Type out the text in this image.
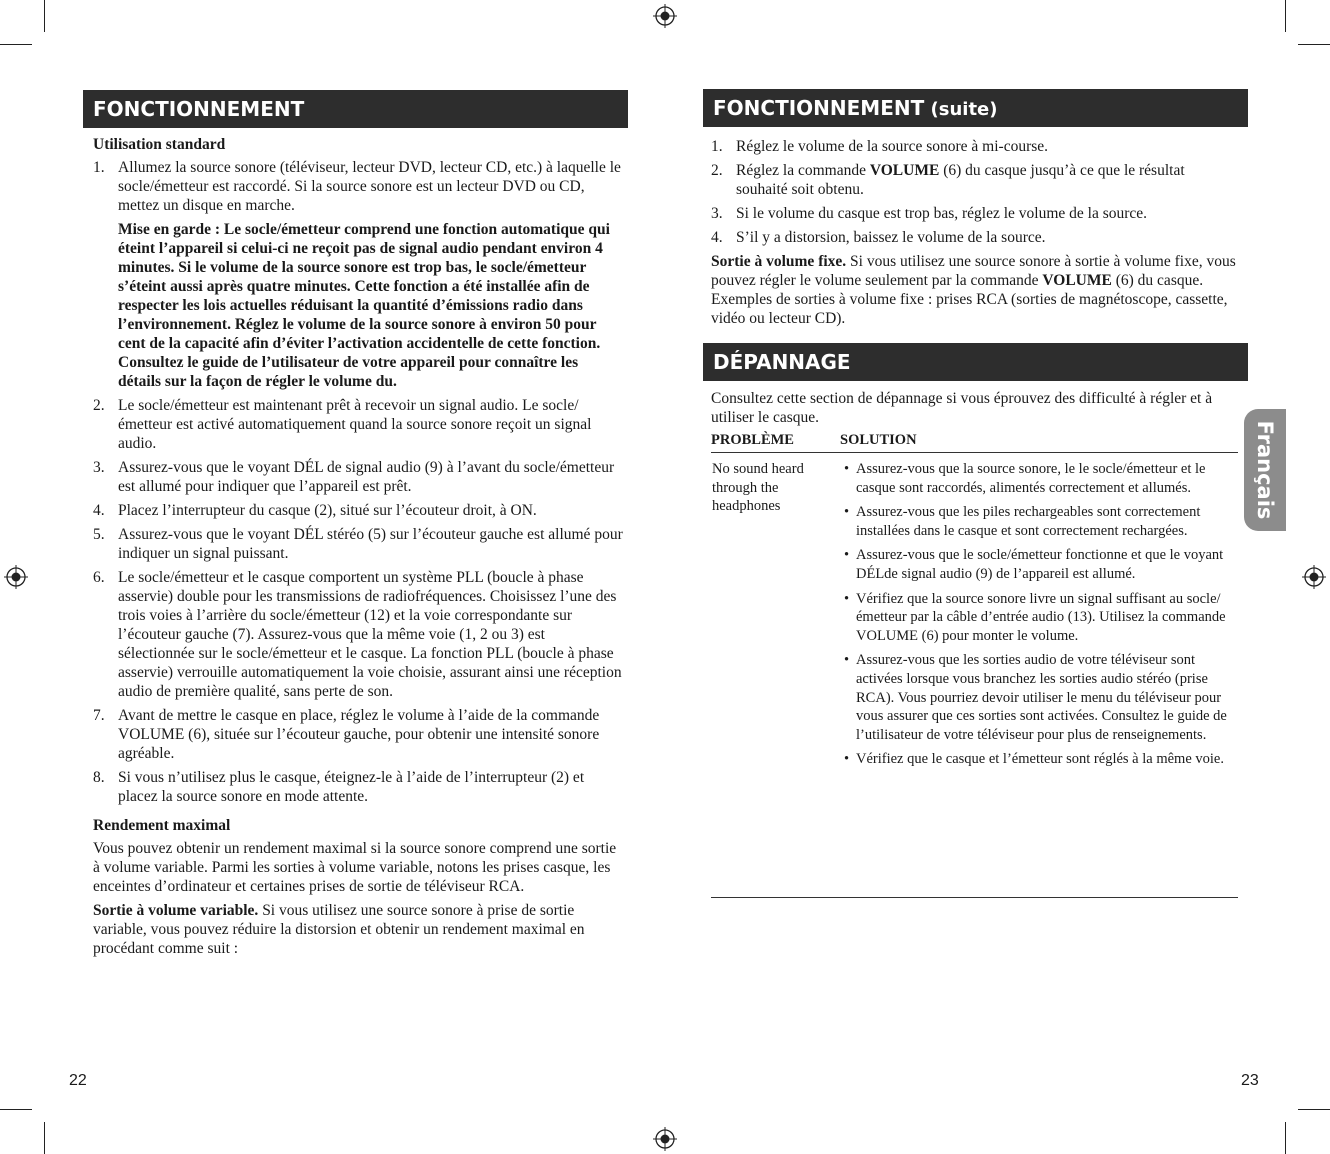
FONCTIONNEMENT
Utilisation standard
1. Allumez la source sonore (téléviseur, lecteur DVD, lecteur CD, etc.) à laquelle le socle/émetteur est raccordé. Si la source sonore est un lecteur DVD ou CD, mettez un disque en marche.
Mise en garde : Le socle/émetteur comprend une fonction automatique qui éteint l’appareil si celui-ci ne reçoit pas de signal audio pendant environ 4 minutes. Si le volume de la source sonore est trop bas, le socle/émetteur s’éteint aussi après quatre minutes. Cette fonction a été installée afin de respecter les lois actuelles réduisant la quantité d’émissions radio dans l’environnement. Réglez le volume de la source sonore à environ 50 pour cent de la capacité afin d’éviter l’activation accidentelle de cette fonction. Consultez le guide de l’utilisateur de votre appareil pour connaître les détails sur la façon de régler le volume du.
2. Le socle/émetteur est maintenant prêt à recevoir un signal audio. Le socle/émetteur est activé automatiquement quand la source sonore reçoit un signal audio.
3. Assurez-vous que le voyant DÉL de signal audio (9) à l’avant du socle/émetteur est allumé pour indiquer que l’appareil est prêt.
4. Placez l’interrupteur du casque (2), situé sur l’écouteur droit, à ON.
5. Assurez-vous que le voyant DÉL stéréo (5) sur l’écouteur gauche est allumé pour indiquer un signal puissant.
6. Le socle/émetteur et le casque comportent un système PLL (boucle à phase asservie) double pour les transmissions de radiofréquences. Choisissez l’une des trois voies à l’arrière du socle/émetteur (12) et la voie correspondante sur l’écouteur gauche (7). Assurez-vous que la même voie (1, 2 ou 3) est sélectionnée sur le socle/émetteur et le casque. La fonction PLL (boucle à phase asservie) verrouille automatiquement la voie choisie, assurant ainsi une réception audio de première qualité, sans perte de son.
7. Avant de mettre le casque en place, réglez le volume à l’aide de la commande VOLUME (6), située sur l’écouteur gauche, pour obtenir une intensité sonore agréable.
8. Si vous n’utilisez plus le casque, éteignez-le à l’aide de l’interrupteur (2) et placez la source sonore en mode attente.
Rendement maximal

Vous pouvez obtenir un rendement maximal si la source sonore comprend une sortie à volume variable. Parmi les sorties à volume variable, notons les prises casque, les enceintes d’ordinateur et certaines prises de sortie de téléviseur RCA.

Sortie à volume variable. Si vous utilisez une source sonore à prise de sortie variable, vous pouvez réduire la distorsion et obtenir un rendement maximal en procédant comme suit :

22
FONCTIONNEMENT (suite)
1. Réglez le volume de la source sonore à mi-course.
2. Réglez la commande VOLUME (6) du casque jusqu’à ce que le résultat souhaité soit obtenu.
3. Si le volume du casque est trop bas, réglez le volume de la source.
4. S’il y a distorsion, baissez le volume de la source.

Sortie à volume fixe. Si vous utilisez une source sonore à sortie à volume fixe, vous pouvez régler le volume seulement par la commande VOLUME (6) du casque. Exemples de sorties à volume fixe : prises RCA (sorties de magnétoscope, cassette, vidéo ou lecteur CD).

DÉPANNAGE
Consultez cette section de dépannage si vous éprouvez des difficulté à régler et à utiliser le casque.
PROBLÈME	SOLUTION
No sound heard through the headphones
• Assurez-vous que la source sonore, le le socle/émetteur et le casque sont raccordés, alimentés correctement et allumés.
• Assurez-vous que les piles rechargeables sont correctement installées dans le casque et sont correctement rechargées.
• Assurez-vous que le socle/émetteur fonctionne et que le voyant DÉLde signal audio (9) de l’appareil est allumé.
• Vérifiez que la source sonore livre un signal suffisant au socle/émetteur par la câble d’entrée audio (13). Utilisez la commande VOLUME (6) pour monter le volume.
• Assurez-vous que les sorties audio de votre téléviseur sont activées lorsque vous branchez les sorties audio stéréo (prise RCA). Vous pourriez devoir utiliser le menu du téléviseur pour vous assurer que ces sorties sont activées. Consultez le guide de l’utilisateur de votre téléviseur pour plus de renseignements.
• Vérifiez que le casque et l’émetteur sont réglés à la même voie.
Français
23
